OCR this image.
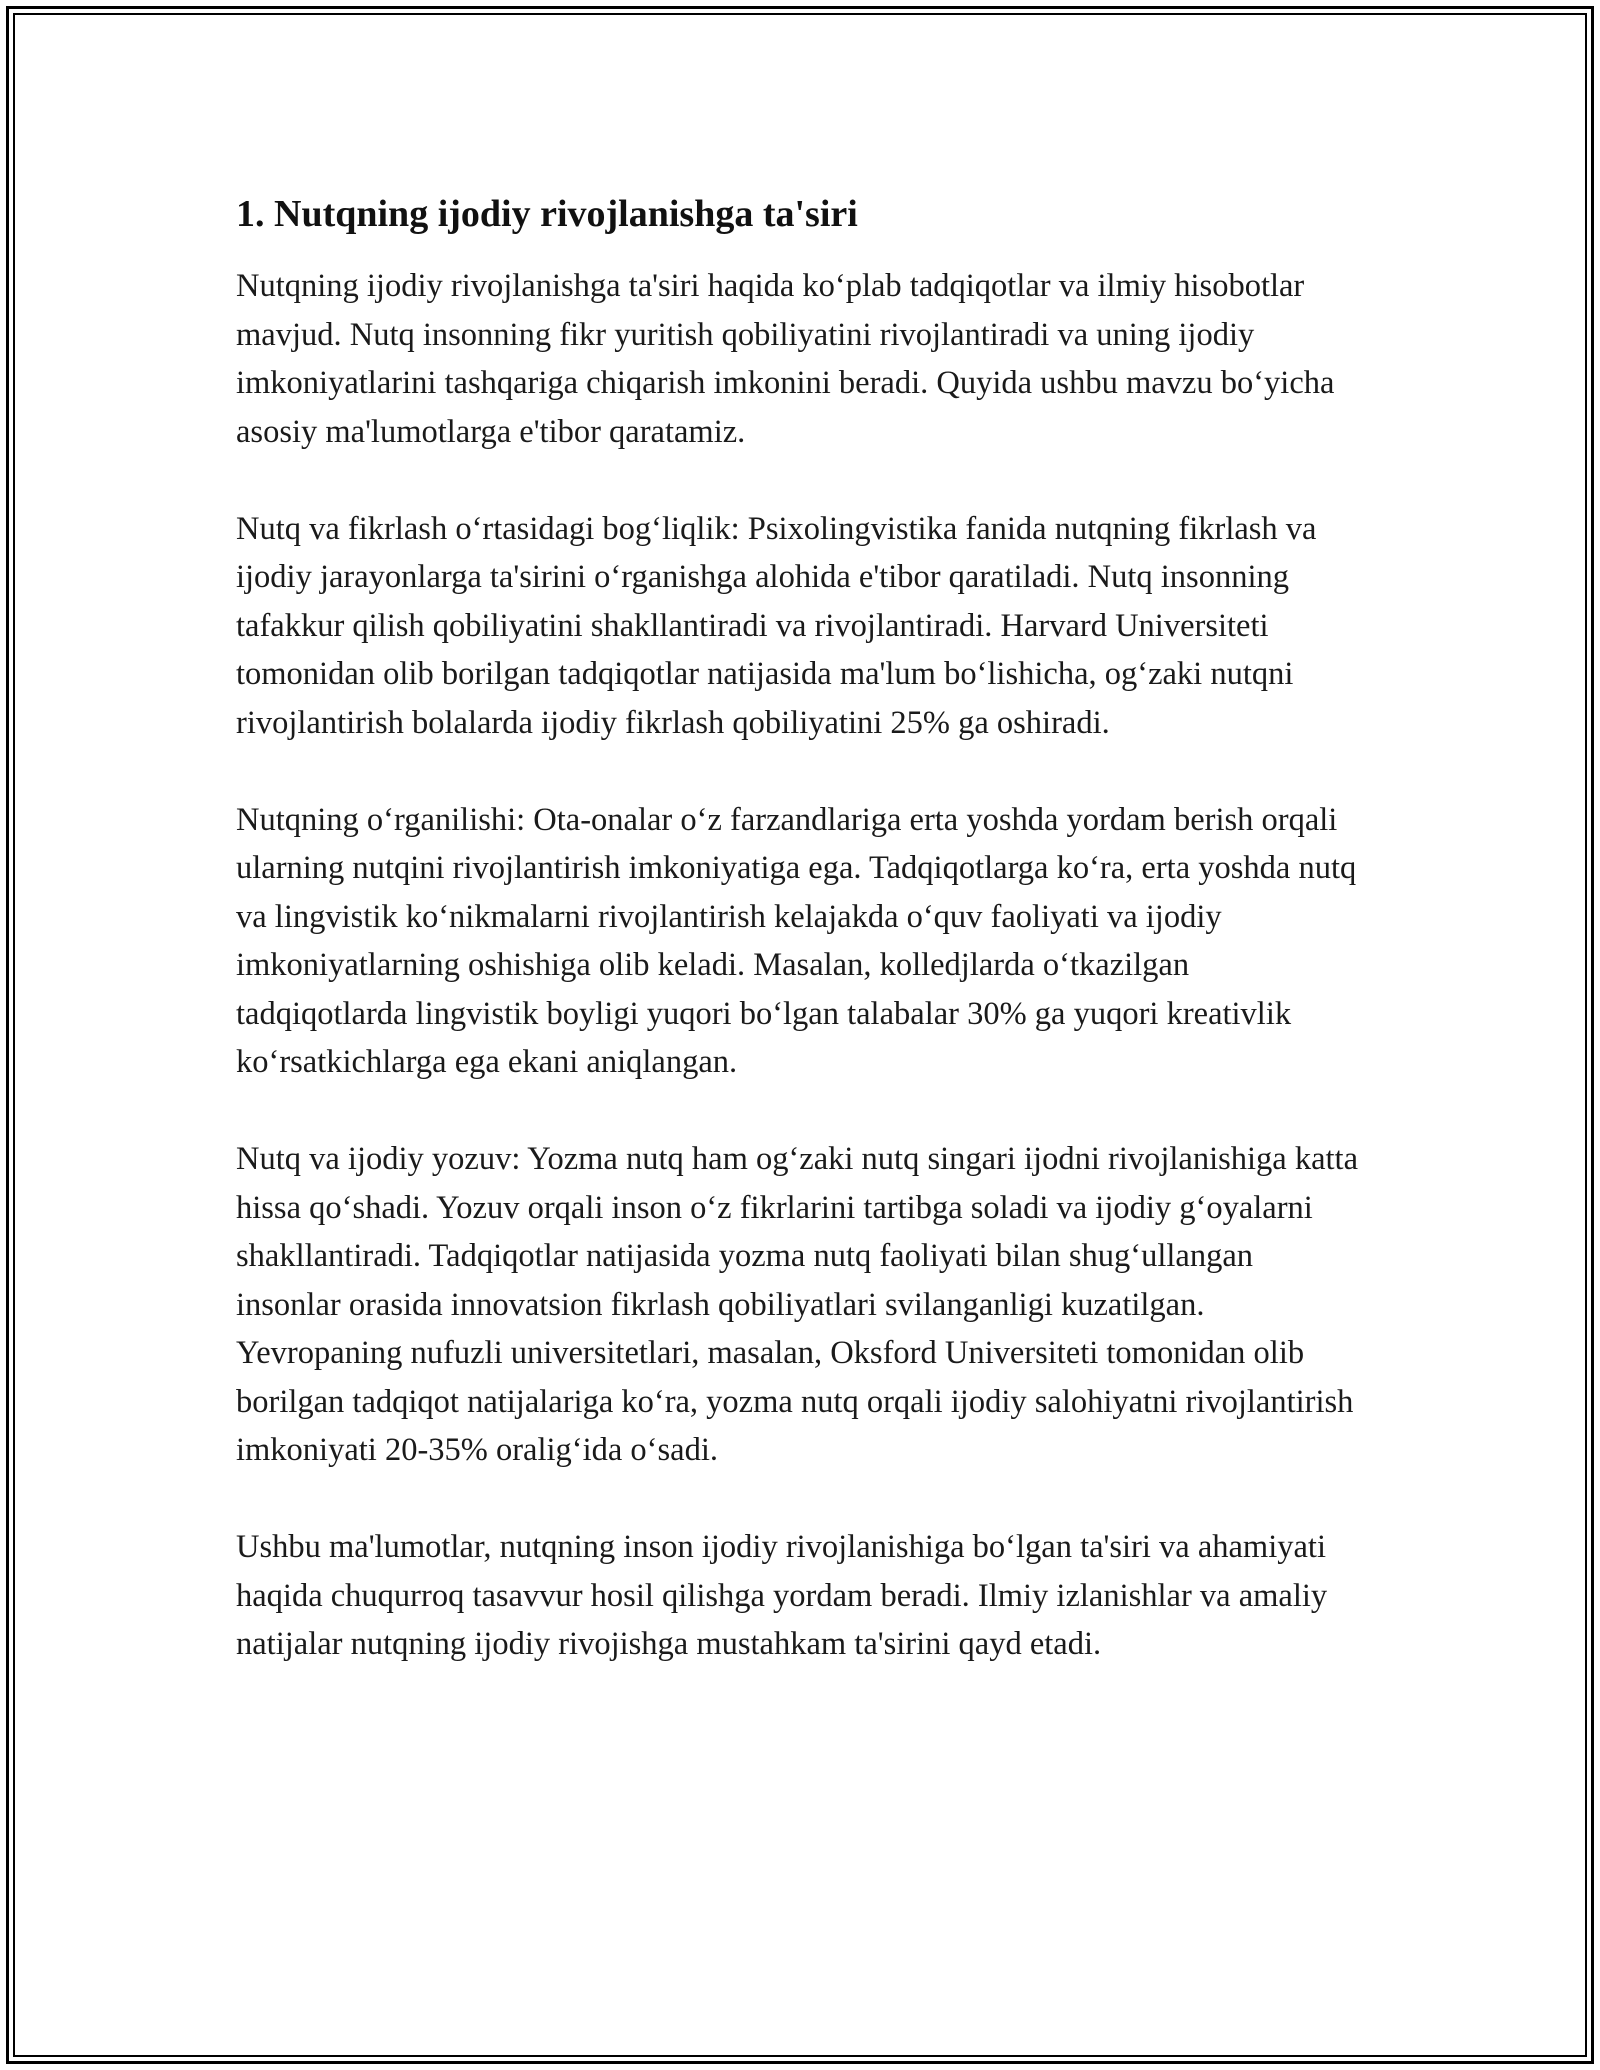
1. Nutqning ijodiy rivojlanishga ta'siri

Nutqning ijodiy rivojlanishga ta'siri haqida koʻplab tadqiqotlar va ilmiy hisobotlar mavjud. Nutq insonning fikr yuritish qobiliyatini rivojlantiradi va uning ijodiy imkoniyatlarini tashqariga chiqarish imkonini beradi. Quyida ushbu mavzu boʻyicha asosiy ma'lumotlarga e'tibor qaratamiz.

Nutq va fikrlash oʻrtasidagi bogʻliqlik: Psixolingvistika fanida nutqning fikrlash va ijodiy jarayonlarga ta'sirini oʻrganishga alohida e'tibor qaratiladi. Nutq insonning tafakkur qilish qobiliyatini shakllantiradi va rivojlantiradi. Harvard Universiteti tomonidan olib borilgan tadqiqotlar natijasida ma'lum boʻlishicha, ogʻzaki nutqni rivojlantirish bolalarda ijodiy fikrlash qobiliyatini 25% ga oshiradi.

Nutqning oʻrganilishi: Ota-onalar oʻz farzandlariga erta yoshda yordam berish orqali ularning nutqini rivojlantirish imkoniyatiga ega. Tadqiqotlarga koʻra, erta yoshda nutq va lingvistik koʻnikmalarni rivojlantirish kelajakda oʻquv faoliyati va ijodiy imkoniyatlarning oshishiga olib keladi. Masalan, kolledjlarda oʻtkazilgan tadqiqotlarda lingvistik boyligi yuqori boʻlgan talabalar 30% ga yuqori kreativlik koʻrsatkichlarga ega ekani aniqlangan.

Nutq va ijodiy yozuv: Yozma nutq ham ogʻzaki nutq singari ijodni rivojlanishiga katta hissa qoʻshadi. Yozuv orqali inson oʻz fikrlarini tartibga soladi va ijodiy gʻoyalarni shakllantiradi. Tadqiqotlar natijasida yozma nutq faoliyati bilan shugʻullangan insonlar orasida innovatsion fikrlash qobiliyatlari svilanganligi kuzatilgan. Yevropaning nufuzli universitetlari, masalan, Oksford Universiteti tomonidan olib borilgan tadqiqot natijalariga koʻra, yozma nutq orqali ijodiy salohiyatni rivojlantirish imkoniyati 20-35% oraligʻida oʻsadi.

Ushbu ma'lumotlar, nutqning inson ijodiy rivojlanishiga boʻlgan ta'siri va ahamiyati haqida chuqurroq tasavvur hosil qilishga yordam beradi. Ilmiy izlanishlar va amaliy natijalar nutqning ijodiy rivojishga mustahkam ta'sirini qayd etadi.
